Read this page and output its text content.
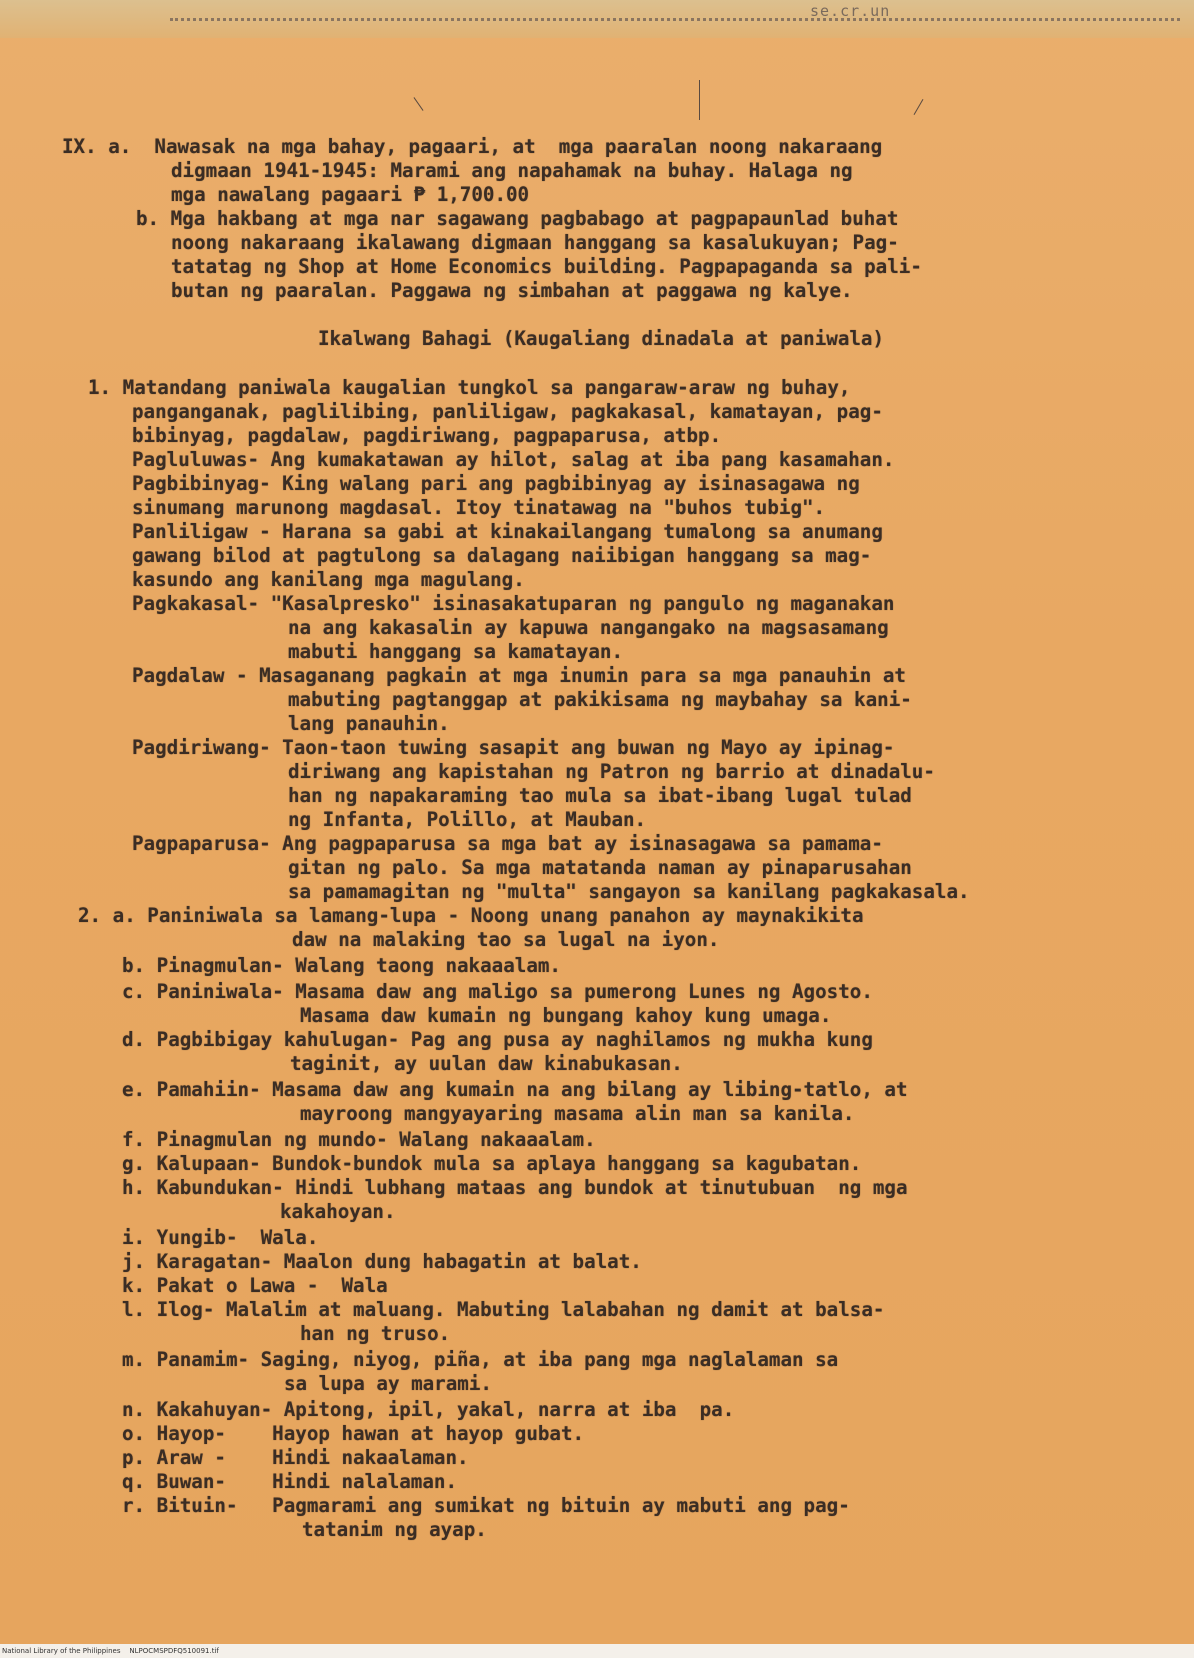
se.cr.un
IX. a.  Nawasak na mga bahay, pagaari, at  mga paaralan noong nakaraang
digmaan 1941-1945: Marami ang napahamak na buhay. Halaga ng
mga nawalang pagaari ₱ 1,700.00
b. Mga hakbang at mga nar sagawang pagbabago at pagpapaunlad buhat
noong nakaraang ikalawang digmaan hanggang sa kasalukuyan; Pag-
tatatag ng Shop at Home Economics building. Pagpapaganda sa pali-
butan ng paaralan. Paggawa ng simbahan at paggawa ng kalye.
Ikalwang Bahagi (Kaugaliang dinadala at paniwala)
1. Matandang paniwala kaugalian tungkol sa pangaraw-araw ng buhay,
panganganak, paglilibing, panliligaw, pagkakasal, kamatayan, pag-
bibinyag, pagdalaw, pagdiriwang, pagpaparusa, atbp.
Pagluluwas- Ang kumakatawan ay hilot, salag at iba pang kasamahan.
Pagbibinyag- King walang pari ang pagbibinyag ay isinasagawa ng
sinumang marunong magdasal. Itoy tinatawag na "buhos tubig".
Panliligaw - Harana sa gabi at kinakailangang tumalong sa anumang
gawang bilod at pagtulong sa dalagang naiibigan hanggang sa mag-
kasundo ang kanilang mga magulang.
Pagkakasal- "Kasalpresko" isinasakatuparan ng pangulo ng maganakan
na ang kakasalin ay kapuwa nangangako na magsasamang
mabuti hanggang sa kamatayan.
Pagdalaw - Masaganang pagkain at mga inumin para sa mga panauhin at
mabuting pagtanggap at pakikisama ng maybahay sa kani-
lang panauhin.
Pagdiriwang- Taon-taon tuwing sasapit ang buwan ng Mayo ay ipinag-
diriwang ang kapistahan ng Patron ng barrio at dinadalu-
han ng napakaraming tao mula sa ibat-ibang lugal tulad
ng Infanta, Polillo, at Mauban.
Pagpaparusa- Ang pagpaparusa sa mga bat ay isinasagawa sa pamama-
gitan ng palo. Sa mga matatanda naman ay pinaparusahan
sa pamamagitan ng "multa" sangayon sa kanilang pagkakasala.
2. a. Paniniwala sa lamang-lupa - Noong unang panahon ay maynakikita
daw na malaking tao sa lugal na iyon.
b. Pinagmulan- Walang taong nakaaalam.
c. Paniniwala- Masama daw ang maligo sa pumerong Lunes ng Agosto.
Masama daw kumain ng bungang kahoy kung umaga.
d. Pagbibigay kahulugan- Pag ang pusa ay naghilamos ng mukha kung
taginit, ay uulan daw kinabukasan.
e. Pamahiin- Masama daw ang kumain na ang bilang ay libing-tatlo, at
mayroong mangyayaring masama alin man sa kanila.
f. Pinagmulan ng mundo- Walang nakaaalam.
g. Kalupaan- Bundok-bundok mula sa aplaya hanggang sa kagubatan.
h. Kabundukan- Hindi lubhang mataas ang bundok at tinutubuan  ng mga
kakahoyan.
i. Yungib-  Wala.
j. Karagatan- Maalon dung habagatin at balat.
k. Pakat o Lawa -  Wala
l. Ilog- Malalim at maluang. Mabuting lalabahan ng damit at balsa-
han ng truso.
m. Panamim- Saging, niyog, piña, at iba pang mga naglalaman sa
sa lupa ay marami.
n. Kakahuyan- Apitong, ipil, yakal, narra at iba  pa.
o. Hayop-    Hayop hawan at hayop gubat.
p. Araw -    Hindi nakaalaman.
q. Buwan-    Hindi nalalaman.
r. Bituin-   Pagmarami ang sumikat ng bituin ay mabuti ang pag-
tatanim ng ayap.
National Library of the Philippines    NLPOCMSPDFQ510091.tif
